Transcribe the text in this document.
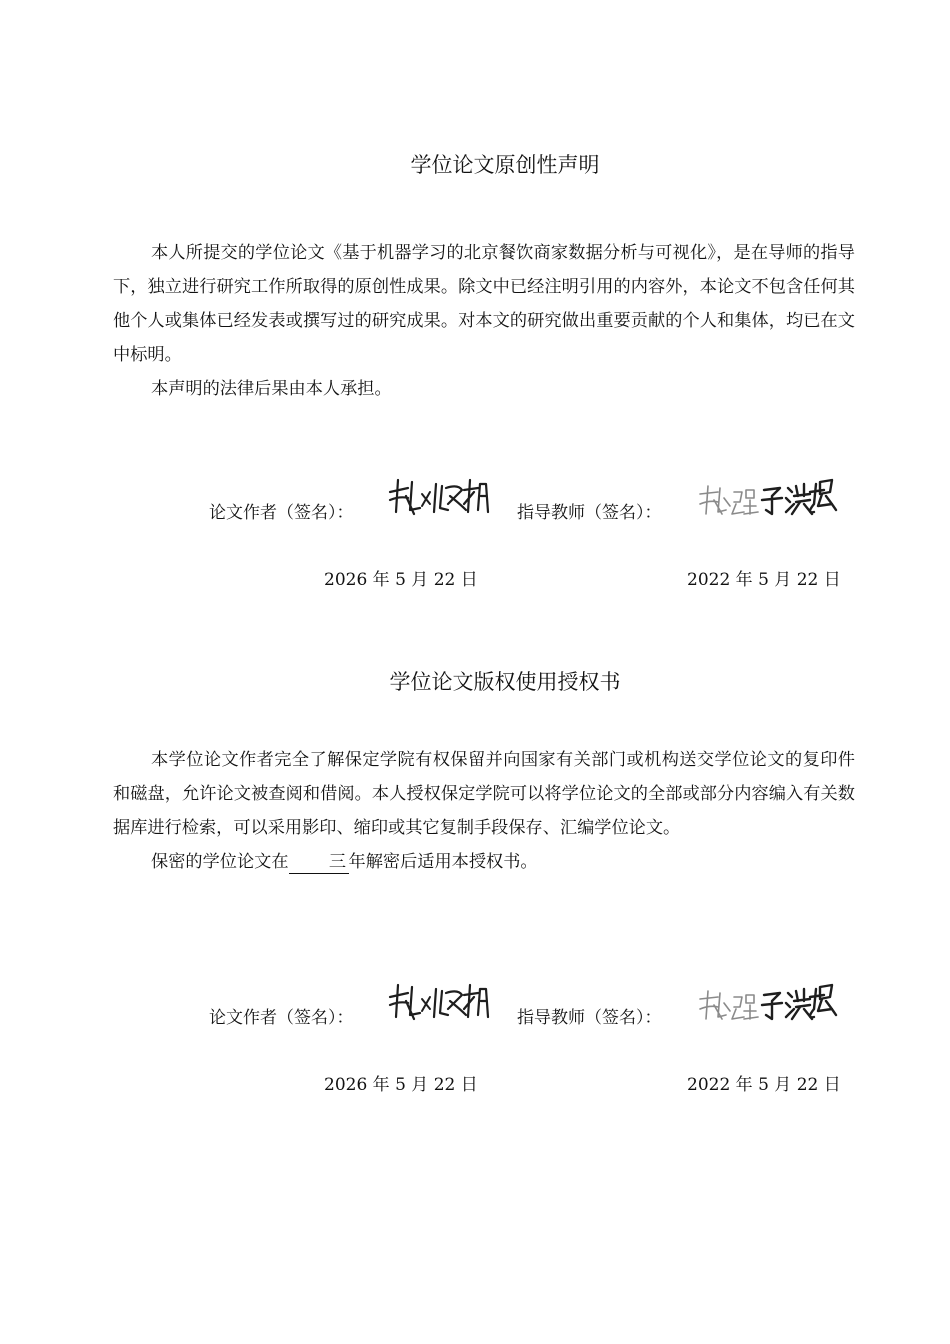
学位论文原创性声明

本人所提交的学位论文《基于机器学习的北京餐饮商家数据分析与可视化》，是在导师的指导下，独立进行研究工作所取得的原创性成果。除文中已经注明引用的内容外，本论文不包含任何其他个人或集体已经发表或撰写过的研究成果。对本文的研究做出重要贡献的个人和集体，均已在文中标明。

本声明的法律后果由本人承担。

论文作者（签名）：	指导教师（签名）：
2026 年 5 月 22 日	2022 年 5 月 22 日
学位论文版权使用授权书

本学位论文作者完全了解保定学院有权保留并向国家有关部门或机构送交学位论文的复印件和磁盘，允许论文被查阅和借阅。本人授权保定学院可以将学位论文的全部或部分内容编入有关数据库进行检索，可以采用影印、缩印或其它复制手段保存、汇编学位论文。

保密的学位论文在 三 年解密后适用本授权书。

论文作者（签名）：	指导教师（签名）：
2026 年 5 月 22 日	2022 年 5 月 22 日
